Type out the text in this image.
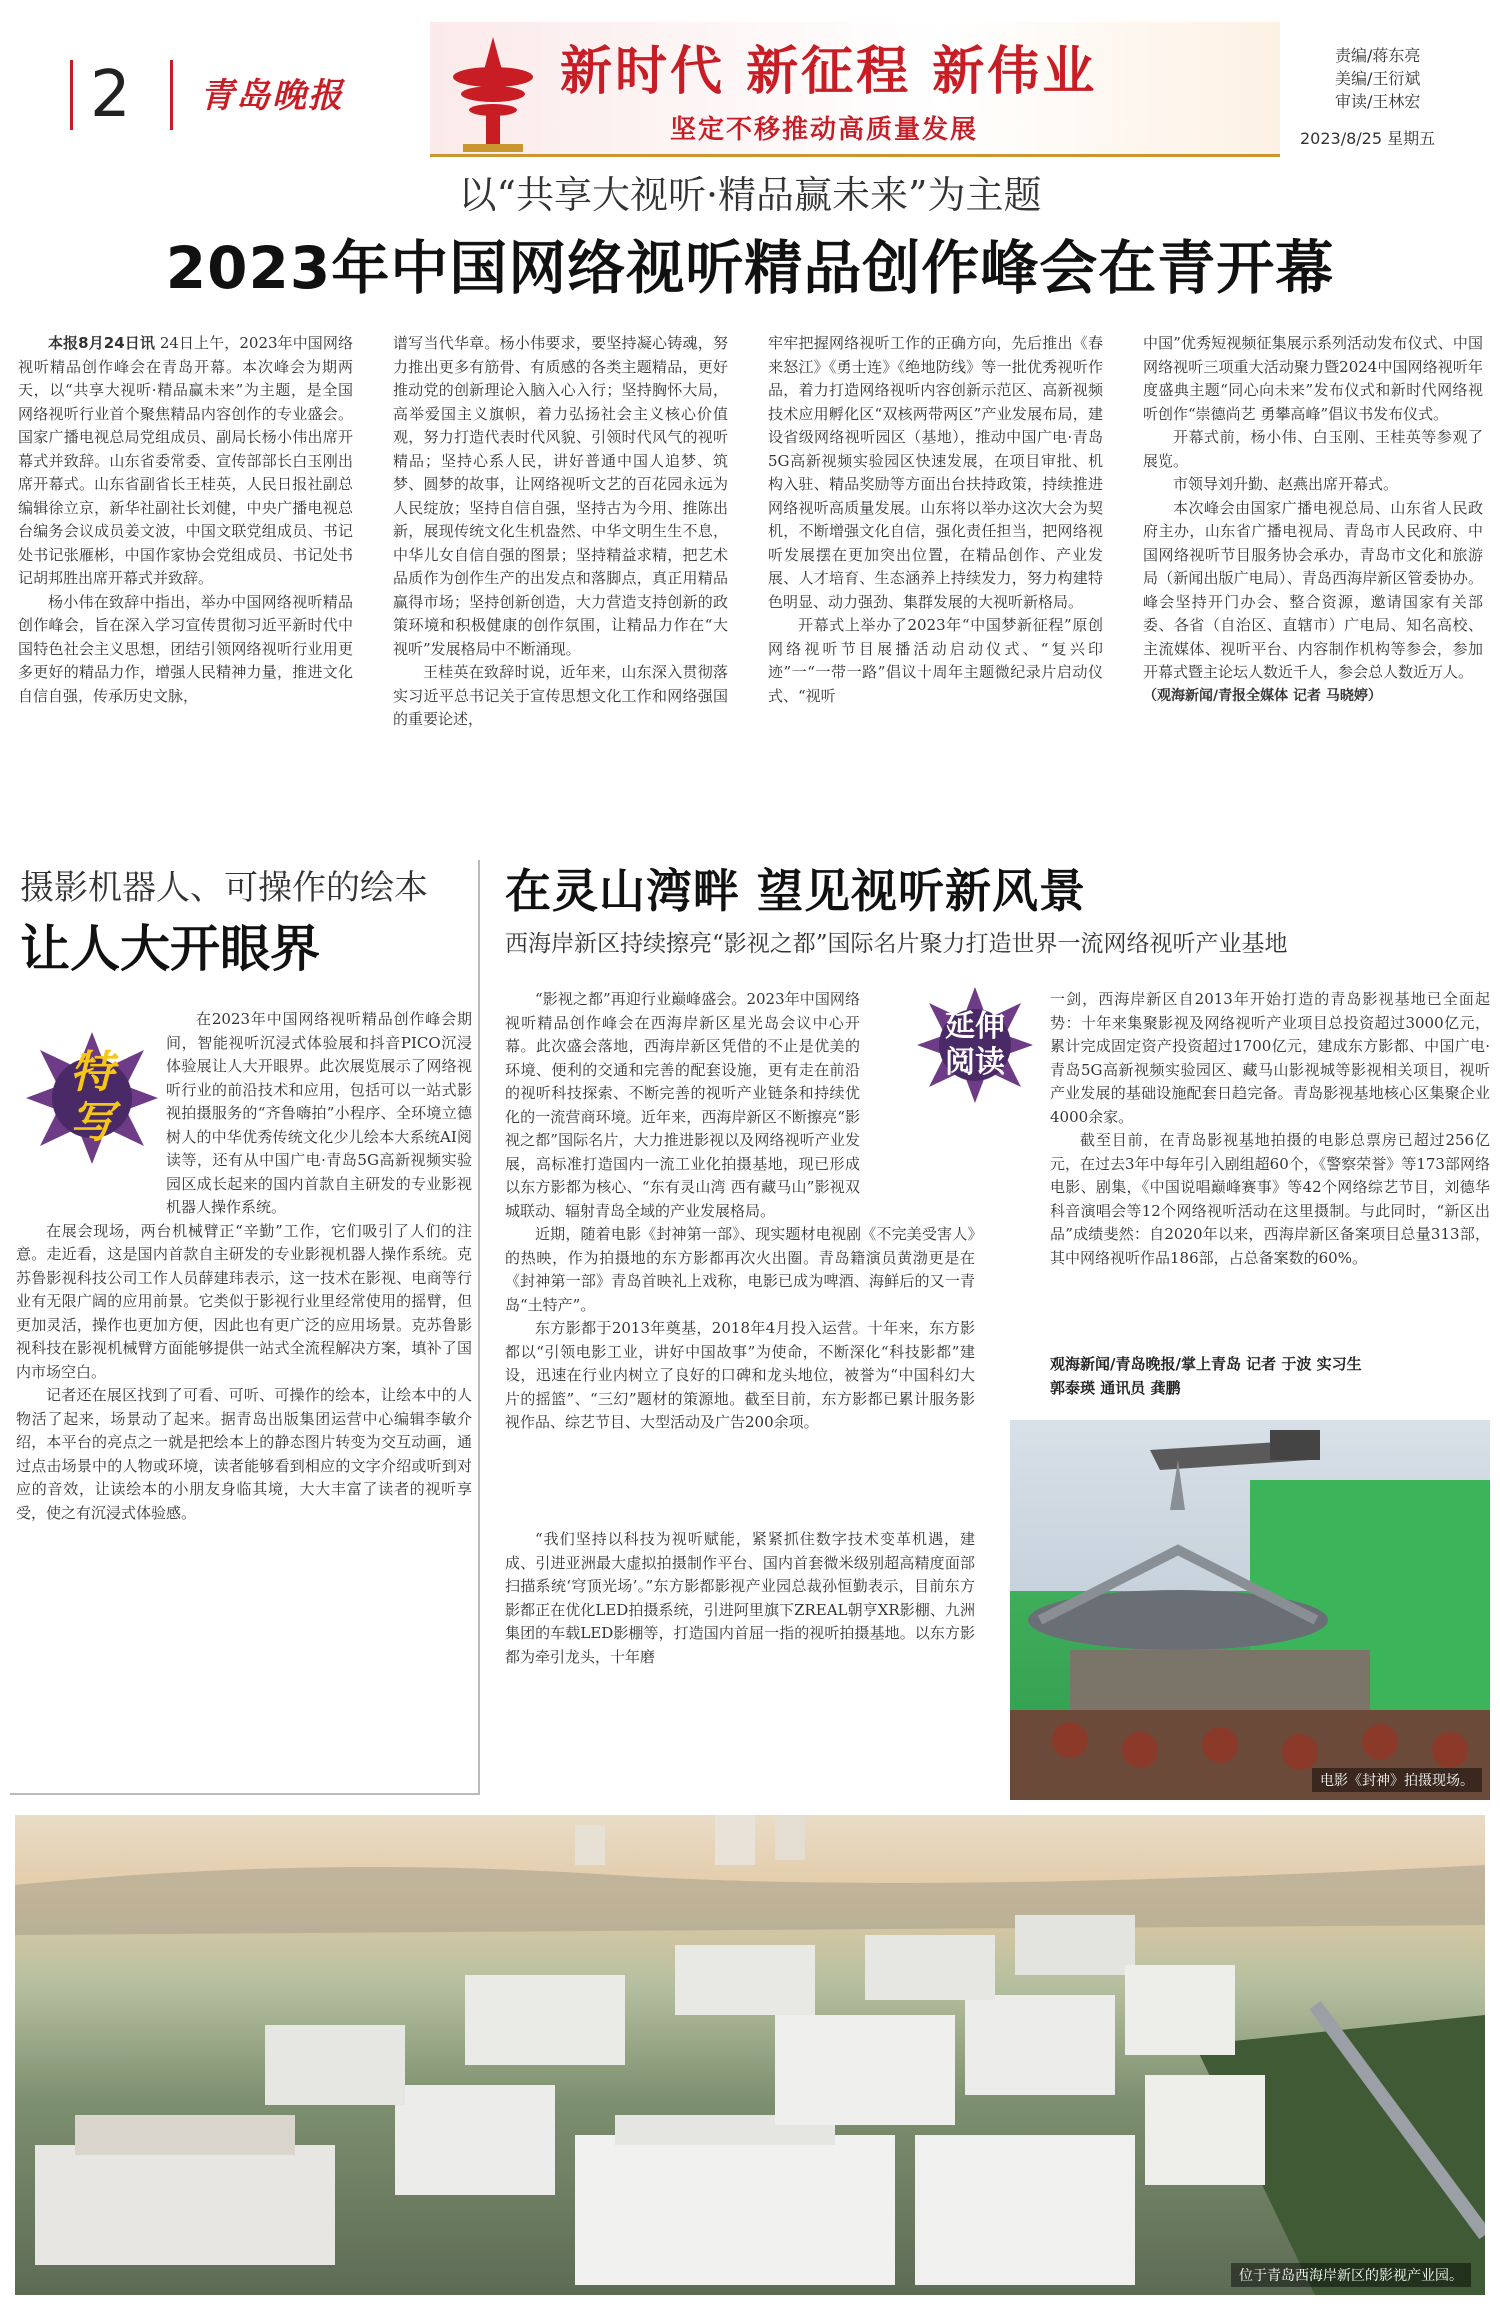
2 青岛晚报	新时代 新征程 新伟业
坚定不移推动高质量发展
责编/蒋东亮
美编/王衍斌
审读/王林宏
2023/8/25 星期五
以“共享大视听·精品赢未来”为主题
2023年中国网络视听精品创作峰会在青开幕

本报8月24日讯 24日上午，2023年中国网络视听精品创作峰会在青岛开幕。本次峰会为期两天，以“共享大视听·精品赢未来”为主题，是全国网络视听行业首个聚焦精品内容创作的专业盛会。国家广播电视总局党组成员、副局长杨小伟出席开幕式并致辞。山东省委常委、宣传部部长白玉刚出席开幕式。山东省副省长王桂英，人民日报社副总编辑徐立京，新华社副社长刘健，中央广播电视总台编务会议成员姜文波，中国文联党组成员、书记处书记张雁彬，中国作家协会党组成员、书记处书记胡邦胜出席开幕式并致辞。

杨小伟在致辞中指出，举办中国网络视听精品创作峰会，旨在深入学习宣传贯彻习近平新时代中国特色社会主义思想，团结引领网络视听行业用更多更好的精品力作，增强人民精神力量，推进文化自信自强，传承历史文脉，

谱写当代华章。杨小伟要求，要坚持凝心铸魂，努力推出更多有筋骨、有质感的各类主题精品，更好推动党的创新理论入脑入心入行；坚持胸怀大局，高举爱国主义旗帜，着力弘扬社会主义核心价值观，努力打造代表时代风貌、引领时代风气的视听精品；坚持心系人民，讲好普通中国人追梦、筑梦、圆梦的故事，让网络视听文艺的百花园永远为人民绽放；坚持自信自强，坚持古为今用、推陈出新，展现传统文化生机盎然、中华文明生生不息，中华儿女自信自强的图景；坚持精益求精，把艺术品质作为创作生产的出发点和落脚点，真正用精品赢得市场；坚持创新创造，大力营造支持创新的政策环境和积极健康的创作氛围，让精品力作在“大视听”发展格局中不断涌现。

王桂英在致辞时说，近年来，山东深入贯彻落实习近平总书记关于宣传思想文化工作和网络强国的重要论述，

牢牢把握网络视听工作的正确方向，先后推出《春来怒江》《勇士连》《绝地防线》等一批优秀视听作品，着力打造网络视听内容创新示范区、高新视频技术应用孵化区“双核两带两区”产业发展布局，建设省级网络视听园区（基地），推动中国广电·青岛5G高新视频实验园区快速发展，在项目审批、机构入驻、精品奖励等方面出台扶持政策，持续推进网络视听高质量发展。山东将以举办这次大会为契机，不断增强文化自信，强化责任担当，把网络视听发展摆在更加突出位置，在精品创作、产业发展、人才培育、生态涵养上持续发力，努力构建特色明显、动力强劲、集群发展的大视听新格局。

开幕式上举办了2023年“中国梦新征程”原创网络视听节目展播活动启动仪式、“复兴印迹”一“一带一路”倡议十周年主题微纪录片启动仪式、“视听

中国”优秀短视频征集展示系列活动发布仪式、中国网络视听三项重大活动聚力暨2024中国网络视听年度盛典主题“同心向未来”发布仪式和新时代网络视听创作“崇德尚艺 勇攀高峰”倡议书发布仪式。

开幕式前，杨小伟、白玉刚、王桂英等参观了展览。

市领导刘升勤、赵燕出席开幕式。

本次峰会由国家广播电视总局、山东省人民政府主办，山东省广播电视局、青岛市人民政府、中国网络视听节目服务协会承办，青岛市文化和旅游局（新闻出版广电局）、青岛西海岸新区管委协办。峰会坚持开门办会、整合资源，邀请国家有关部委、各省（自治区、直辖市）广电局、知名高校、主流媒体、视听平台、内容制作机构等参会，参加开幕式暨主论坛人数近千人，参会总人数近万人。

（观海新闻/青报全媒体 记者 马晓婷）

摄影机器人、可操作的绘本
让人大开眼界
特写

在2023年中国网络视听精品创作峰会期间，智能视听沉浸式体验展和抖音PICO沉浸体验展让人大开眼界。此次展览展示了网络视听行业的前沿技术和应用，包括可以一站式影视拍摄服务的“齐鲁嗨拍”小程序、全环境立德树人的中华优秀传统文化少儿绘本大系统AI阅读等，还有从中国广电·青岛5G高新视频实验园区成长起来的国内首款自主研发的专业影视机器人操作系统。

在展会现场，两台机械臂正“辛勤”工作，它们吸引了人们的注意。走近看，这是国内首款自主研发的专业影视机器人操作系统。克苏鲁影视科技公司工作人员薛建玮表示，这一技术在影视、电商等行业有无限广阔的应用前景。它类似于影视行业里经常使用的摇臂，但更加灵活，操作也更加方便，因此也有更广泛的应用场景。克苏鲁影视科技在影视机械臂方面能够提供一站式全流程解决方案，填补了国内市场空白。

记者还在展区找到了可看、可听、可操作的绘本，让绘本中的人物活了起来，场景动了起来。据青岛出版集团运营中心编辑李敏介绍，本平台的亮点之一就是把绘本上的静态图片转变为交互动画，通过点击场景中的人物或环境，读者能够看到相应的文字介绍或听到对应的音效，让读绘本的小朋友身临其境，大大丰富了读者的视听享受，使之有沉浸式体验感。

在灵山湾畔 望见视听新风景
西海岸新区持续擦亮“影视之都”国际名片聚力打造世界一流网络视听产业基地
延伸阅读

“影视之都”再迎行业巅峰盛会。2023年中国网络视听精品创作峰会在西海岸新区星光岛会议中心开幕。此次盛会落地，西海岸新区凭借的不止是优美的环境、便利的交通和完善的配套设施，更有走在前沿的视听科技探索、不断完善的视听产业链条和持续优化的一流营商环境。近年来，西海岸新区不断擦亮“影视之都”国际名片，大力推进影视以及网络视听产业发展，高标准打造国内一流工业化拍摄基地，现已形成以东方影都为核心、“东有灵山湾 西有藏马山”影视双城联动、辐射青岛全域的产业发展格局。

近期，随着电影《封神第一部》、现实题材电视剧《不完美受害人》的热映，作为拍摄地的东方影都再次火出圈。青岛籍演员黄渤更是在《封神第一部》青岛首映礼上戏称，电影已成为啤酒、海鲜后的又一青岛“土特产”。

东方影都于2013年奠基，2018年4月投入运营。十年来，东方影都以“引领电影工业，讲好中国故事”为使命，不断深化“科技影都”建设，迅速在行业内树立了良好的口碑和龙头地位，被誉为“中国科幻大片的摇篮”、“三幻”题材的策源地。截至目前，东方影都已累计服务影视作品、综艺节目、大型活动及广告200余项。

“我们坚持以科技为视听赋能，紧紧抓住数字技术变革机遇，建成、引进亚洲最大虚拟拍摄制作平台、国内首套微米级别超高精度面部扫描系统‘穹顶光场’。”东方影都影视产业园总裁孙恒勤表示，目前东方影都正在优化LED拍摄系统，引进阿里旗下ZREAL朝亨XR影棚、九洲集团的车载LED影棚等，打造国内首屈一指的视听拍摄基地。以东方影都为牵引龙头，十年磨

一剑，西海岸新区自2013年开始打造的青岛影视基地已全面起势：十年来集聚影视及网络视听产业项目总投资超过3000亿元，累计完成固定资产投资超过1700亿元，建成东方影都、中国广电·青岛5G高新视频实验园区、藏马山影视城等影视相关项目，视听产业发展的基础设施配套日趋完备。青岛影视基地核心区集聚企业4000余家。

截至目前，在青岛影视基地拍摄的电影总票房已超过256亿元，在过去3年中每年引入剧组超60个，《警察荣誉》等173部网络电影、剧集，《中国说唱巅峰赛事》等42个网络综艺节目，刘德华科音演唱会等12个网络视听活动在这里摄制。与此同时，“新区出品”成绩斐然：自2020年以来，西海岸新区备案项目总量313部，其中网络视听作品186部，占总备案数的60%。

观海新闻/青岛晚报/掌上青岛 记者 于波 实习生
郭泰瑛 通讯员 龚鹏
电影《封神》拍摄现场。
位于青岛西海岸新区的影视产业园。
